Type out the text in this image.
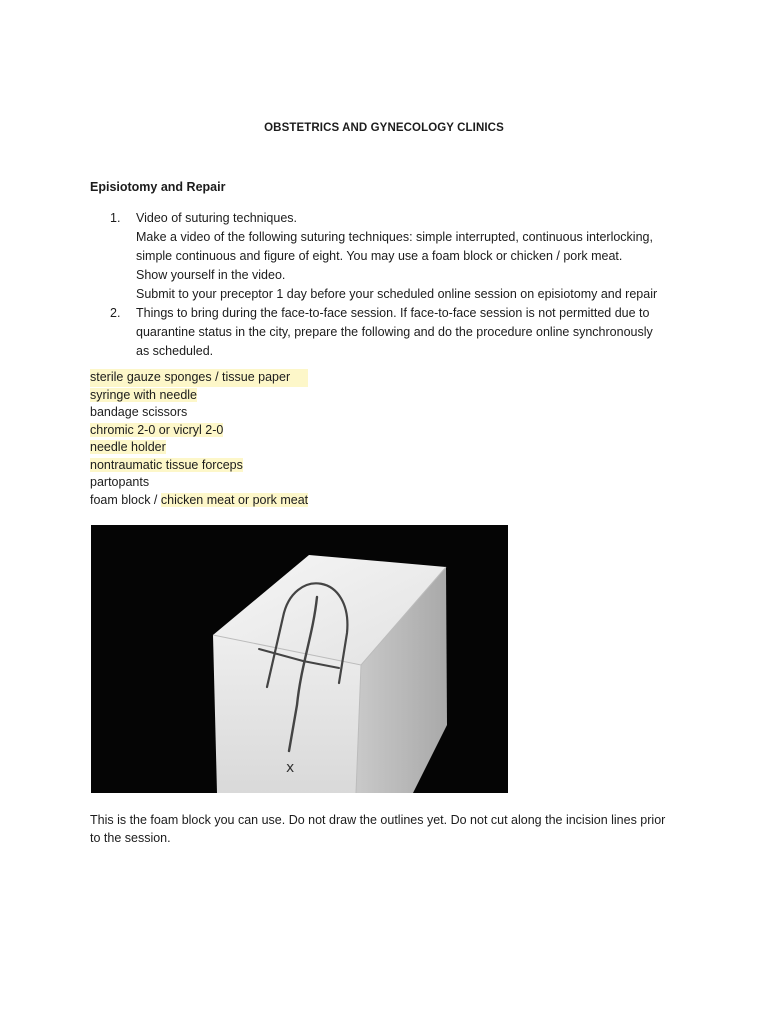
OBSTETRICS AND GYNECOLOGY CLINICS
Episiotomy and Repair
1. Video of suturing techniques.
Make a video of the following suturing techniques: simple interrupted, continuous interlocking,
simple continuous and figure of eight. You may use a foam block or chicken / pork meat.
Show yourself in the video.
Submit to your preceptor 1 day before your scheduled online session on episiotomy and repair
2. Things to bring during the face-to-face session. If face-to-face session is not permitted due to
quarantine status in the city, prepare the following and do the procedure online synchronously
as scheduled.
sterile gauze sponges / tissue paper
syringe with needle
bandage scissors
chromic 2-0 or vicryl 2-0
needle holder
nontraumatic tissue forceps
partopants
foam block / chicken meat or pork meat
x
This is the foam block you can use. Do not draw the outlines yet. Do not cut along the incision lines prior
to the session.
